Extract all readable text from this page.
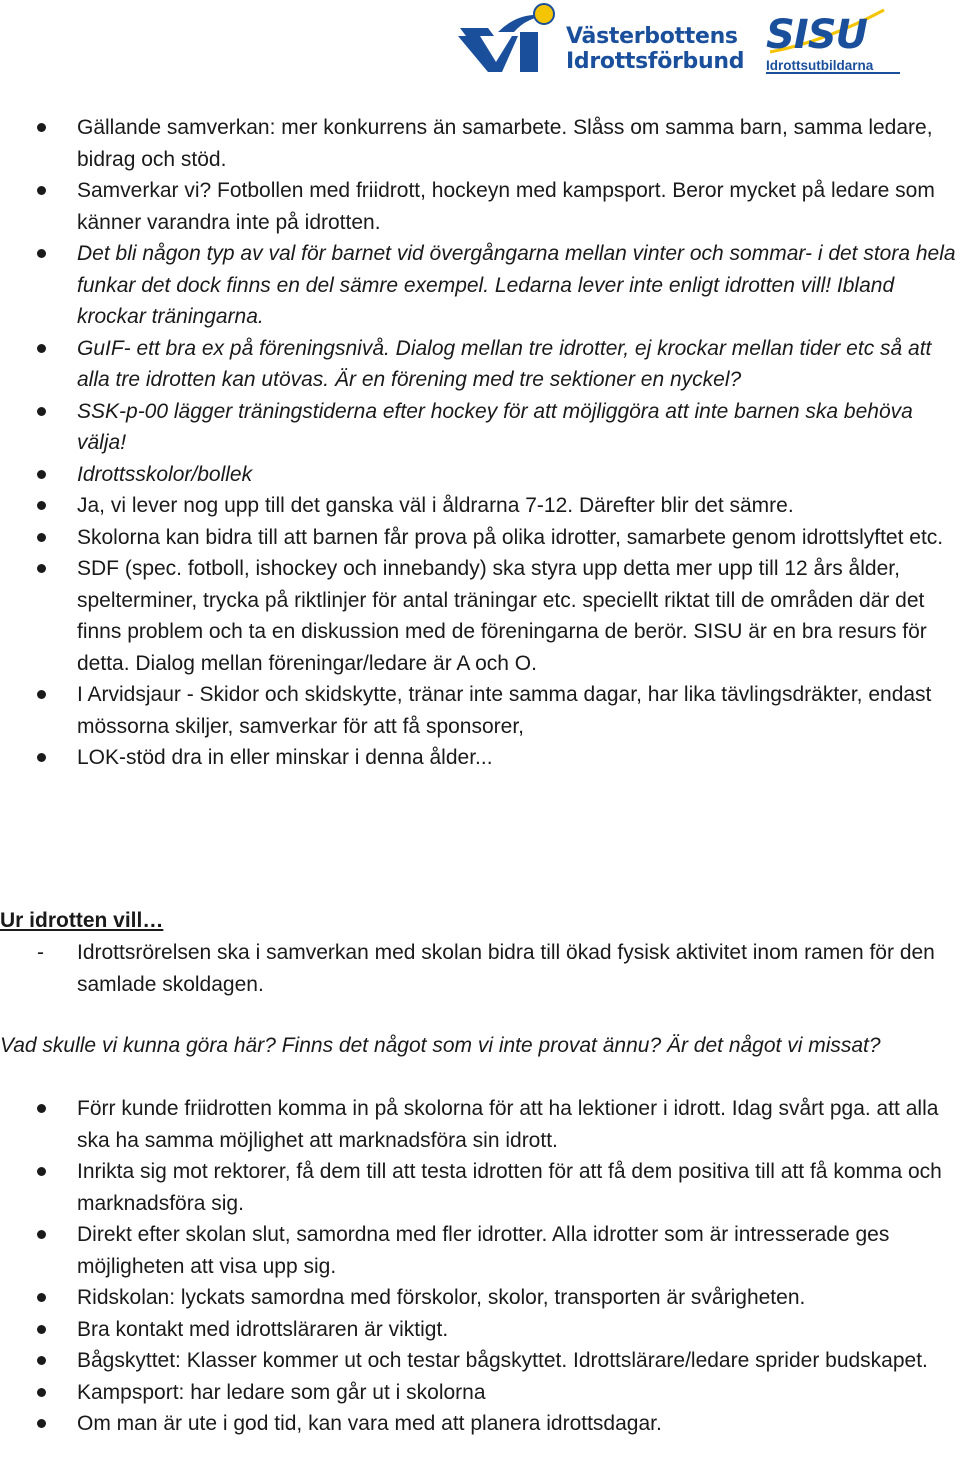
Västerbottens
Idrottsförbund
SISU
Idrottsutbildarna
Gällande samverkan: mer konkurrens än samarbete. Slåss om samma barn, samma ledare, bidrag och stöd.
Samverkar vi? Fotbollen med friidrott, hockeyn med kampsport. Beror mycket på ledare som känner varandra inte på idrotten.
Det bli någon typ av val för barnet vid övergångarna mellan vinter och sommar- i det stora hela funkar det dock finns en del sämre exempel. Ledarna lever inte enligt idrotten vill! Ibland krockar träningarna.
GuIF- ett bra ex på föreningsnivå. Dialog mellan tre idrotter, ej krockar mellan tider etc så att alla tre idrotten kan utövas. Är en förening med tre sektioner en nyckel?
SSK-p-00 lägger träningstiderna efter hockey för att möjliggöra att inte barnen ska behöva välja!
Idrottsskolor/bollek
Ja, vi lever nog upp till det ganska väl i åldrarna 7-12. Därefter blir det sämre.
Skolorna kan bidra till att barnen får prova på olika idrotter, samarbete genom idrottslyftet etc.
SDF (spec. fotboll, ishockey och innebandy) ska styra upp detta mer upp till 12 års ålder, spelterminer, trycka på riktlinjer för antal träningar etc. speciellt riktat till de områden där det finns problem och ta en diskussion med de föreningarna de berör. SISU är en bra resurs för detta. Dialog mellan föreningar/ledare är A och O.
I Arvidsjaur - Skidor och skidskytte, tränar inte samma dagar, har lika tävlingsdräkter, endast mössorna skiljer, samverkar för att få sponsorer,
LOK-stöd dra in eller minskar i denna ålder...
Ur idrotten vill…
-	Idrottsrörelsen ska i samverkan med skolan bidra till ökad fysisk aktivitet inom ramen för den samlade skoldagen.
Vad skulle vi kunna göra här? Finns det något som vi inte provat ännu? Är det något vi missat?
Förr kunde friidrotten komma in på skolorna för att ha lektioner i idrott. Idag svårt pga. att alla ska ha samma möjlighet att marknadsföra sin idrott.
Inrikta sig mot rektorer, få dem till att testa idrotten för att få dem positiva till att få komma och marknadsföra sig.
Direkt efter skolan slut, samordna med fler idrotter. Alla idrotter som är intresserade ges möjligheten att visa upp sig.
Ridskolan: lyckats samordna med förskolor, skolor, transporten är svårigheten.
Bra kontakt med idrottsläraren är viktigt.
Bågskyttet: Klasser kommer ut och testar bågskyttet. Idrottslärare/ledare sprider budskapet.
Kampsport: har ledare som går ut i skolorna
Om man är ute i god tid, kan vara med att planera idrottsdagar.
